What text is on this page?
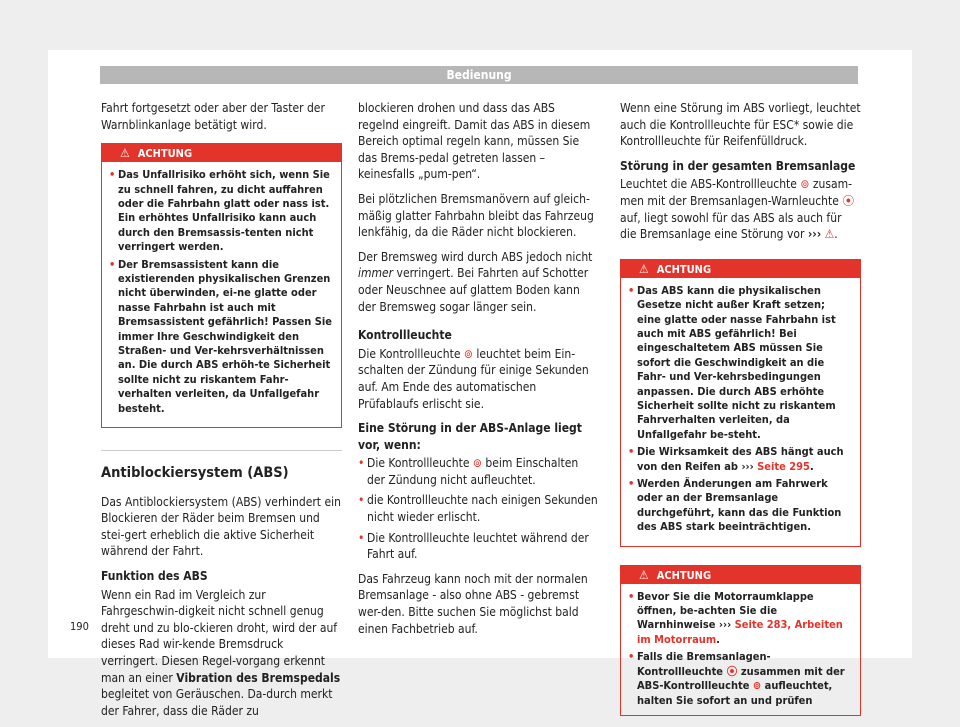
Bedienung

Fahrt fortgesetzt oder aber der Taster der Warnblinkanlage betätigt wird.

⚠ ACHTUNG
• Das Unfallrisiko erhöht sich, wenn Sie zu schnell fahren, zu dicht auffahren oder die Fahrbahn glatt oder nass ist. Ein erhöhtes Unfallrisiko kann auch durch den Bremsassis-tenten nicht verringert werden.
• Der Bremsassistent kann die existierenden physikalischen Grenzen nicht überwinden, ei-ne glatte oder nasse Fahrbahn ist auch mit Bremsassistent gefährlich! Passen Sie immer Ihre Geschwindigkeit den Straßen- und Ver-kehrsverhältnissen an. Die durch ABS erhöh-te Sicherheit sollte nicht zu riskantem Fahr-verhalten verleiten, da Unfallgefahr besteht.
Antiblockiersystem (ABS)

Das Antiblockiersystem (ABS) verhindert ein Blockieren der Räder beim Bremsen und stei-gert erheblich die aktive Sicherheit während der Fahrt.

Funktion des ABS

Wenn ein Rad im Vergleich zur Fahrgeschwin-digkeit nicht schnell genug dreht und zu blo-ckieren droht, wird der auf dieses Rad wir-kende Bremsdruck verringert. Diesen Regel-vorgang erkennt man an einer Vibration des Bremspedals begleitet von Geräuschen. Da-durch merkt der Fahrer, dass die Räder zu

blockieren drohen und dass das ABS regelnd eingreift. Damit das ABS in diesem Bereich optimal regeln kann, müssen Sie das Brems-pedal getreten lassen – keinesfalls „pum-pen“.

Bei plötzlichen Bremsmanövern auf gleich-mäßig glatter Fahrbahn bleibt das Fahrzeug lenkfähig, da die Räder nicht blockieren.

Der Bremsweg wird durch ABS jedoch nicht immer verringert. Bei Fahrten auf Schotter oder Neuschnee auf glattem Boden kann der Bremsweg sogar länger sein.

Kontrollleuchte

Die Kontrollleuchte ⊚ leuchtet beim Ein-schalten der Zündung für einige Sekunden auf. Am Ende des automatischen Prüfablaufs erlischt sie.

Eine Störung in der ABS-Anlage liegt vor, wenn:

• Die Kontrollleuchte ⊚ beim Einschalten der Zündung nicht aufleuchtet.
• die Kontrollleuchte nach einigen Sekunden nicht wieder erlischt.
• Die Kontrollleuchte leuchtet während der Fahrt auf.

Das Fahrzeug kann noch mit der normalen Bremsanlage - also ohne ABS - gebremst wer-den. Bitte suchen Sie möglichst bald einen Fachbetrieb auf.

Wenn eine Störung im ABS vorliegt, leuchtet auch die Kontrollleuchte für ESC* sowie die Kontrollleuchte für Reifenfülldruck.

Störung in der gesamten Bremsanlage

Leuchtet die ABS-Kontrollleuchte ⊚ zusam-men mit der Bremsanlagen-Warnleuchte ⦿ auf, liegt sowohl für das ABS als auch für die Bremsanlage eine Störung vor ››› ⚠.

⚠ ACHTUNG
• Das ABS kann die physikalischen Gesetze nicht außer Kraft setzen; eine glatte oder nasse Fahrbahn ist auch mit ABS gefährlich! Bei eingeschaltetem ABS müssen Sie sofort die Geschwindigkeit an die Fahr- und Ver-kehrsbedingungen anpassen. Die durch ABS erhöhte Sicherheit sollte nicht zu riskantem Fahrverhalten verleiten, da Unfallgefahr be-steht.
• Die Wirksamkeit des ABS hängt auch von den Reifen ab ››› Seite 295.
• Werden Änderungen am Fahrwerk oder an der Bremsanlage durchgeführt, kann das die Funktion des ABS stark beeinträchtigen.
⚠ ACHTUNG
• Bevor Sie die Motorraumklappe öffnen, be-achten Sie die Warnhinweise ››› Seite 283, Arbeiten im Motorraum.
• Falls die Bremsanlagen-Kontrollleuchte ⦿ zusammen mit der ABS-Kontrollleuchte ⊚ aufleuchtet, halten Sie sofort an und prüfen
190
